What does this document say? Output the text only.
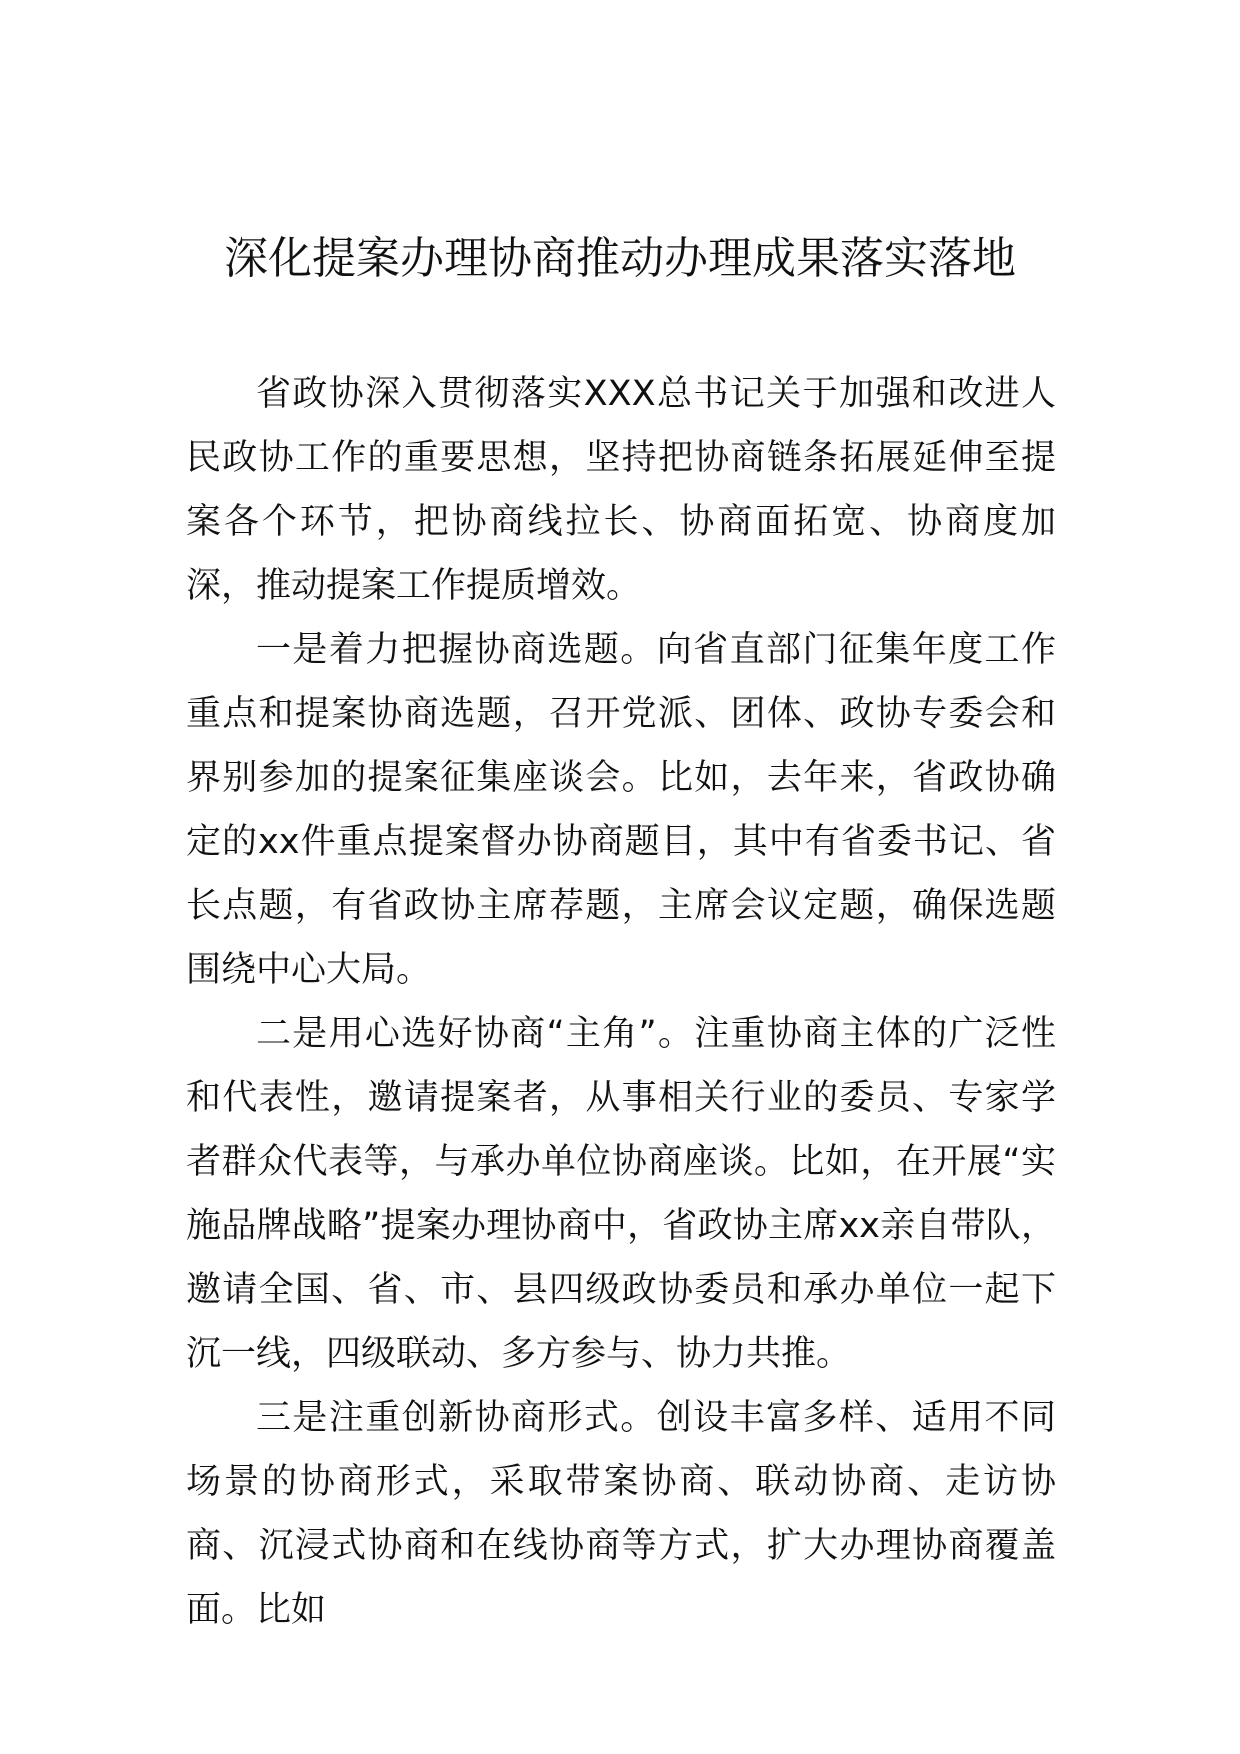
深化提案办理协商推动办理成果落实落地

省政协深入贯彻落实XXX总书记关于加强和改进人民政协工作的重要思想，坚持把协商链条拓展延伸至提案各个环节，把协商线拉长、协商面拓宽、协商度加深，推动提案工作提质增效。

一是着力把握协商选题。向省直部门征集年度工作重点和提案协商选题，召开党派、团体、政协专委会和界别参加的提案征集座谈会。比如，去年来，省政协确定的xx件重点提案督办协商题目，其中有省委书记、省长点题，有省政协主席荐题，主席会议定题，确保选题围绕中心大局。

二是用心选好协商“主角”。注重协商主体的广泛性和代表性，邀请提案者，从事相关行业的委员、专家学者群众代表等，与承办单位协商座谈。比如，在开展“实施品牌战略”提案办理协商中，省政协主席xx亲自带队，邀请全国、省、市、县四级政协委员和承办单位一起下沉一线，四级联动、多方参与、协力共推。

三是注重创新协商形式。创设丰富多样、适用不同场景的协商形式，采取带案协商、联动协商、走访协商、沉浸式协商和在线协商等方式，扩大办理协商覆盖面。比如
